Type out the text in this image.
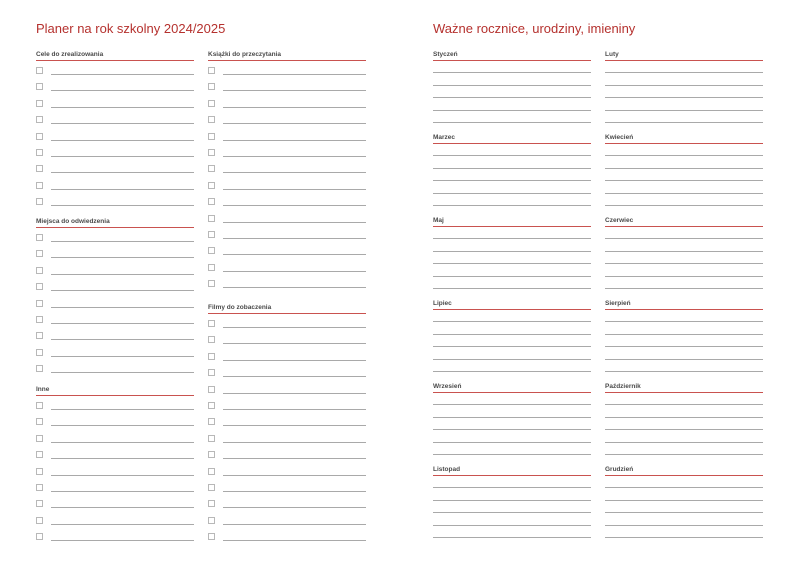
Planer na rok szkolny 2024/2025
Cele do zrealizowania
Miejsca do odwiedzenia
Inne
Książki do przeczytania
Filmy do zobaczenia
Ważne rocznice, urodziny, imieniny
Styczeń	Luty
Marzec	Kwiecień
Maj	Czerwiec
Lipiec	Sierpień
Wrzesień	Październik
Listopad	Grudzień
